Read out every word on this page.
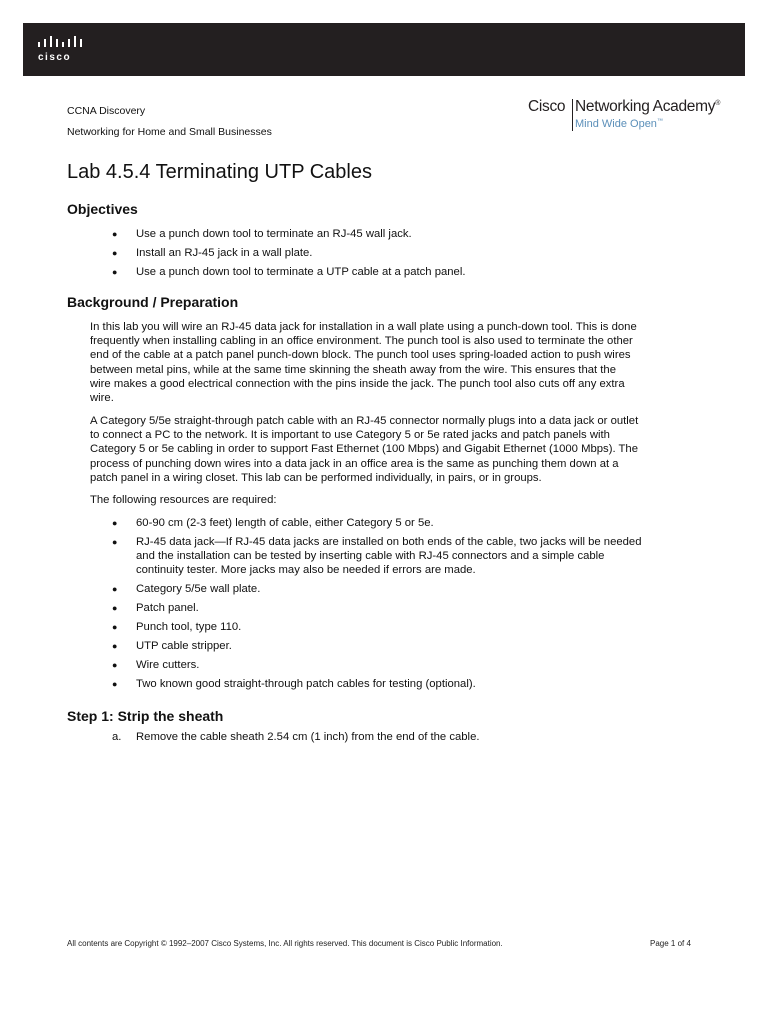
cisco
CCNA Discovery
Networking for Home and Small Businesses
Cisco Networking Academy®
Mind Wide Open™
Lab 4.5.4 Terminating UTP Cables
Objectives
● Use a punch down tool to terminate an RJ-45 wall jack.
● Install an RJ-45 jack in a wall plate.
● Use a punch down tool to terminate a UTP cable at a patch panel.
Background / Preparation

In this lab you will wire an RJ-45 data jack for installation in a wall plate using a punch-down tool. This is done
frequently when installing cabling in an office environment. The punch tool is also used to terminate the other
end of the cable at a patch panel punch-down block. The punch tool uses spring-loaded action to push wires
between metal pins, while at the same time skinning the sheath away from the wire. This ensures that the
wire makes a good electrical connection with the pins inside the jack. The punch tool also cuts off any extra
wire.

A Category 5/5e straight-through patch cable with an RJ-45 connector normally plugs into a data jack or outlet
to connect a PC to the network. It is important to use Category 5 or 5e rated jacks and patch panels with
Category 5 or 5e cabling in order to support Fast Ethernet (100 Mbps) and Gigabit Ethernet (1000 Mbps). The
process of punching down wires into a data jack in an office area is the same as punching them down at a
patch panel in a wiring closet. This lab can be performed individually, in pairs, or in groups.

The following resources are required:

● 60-90 cm (2-3 feet) length of cable, either Category 5 or 5e.
● RJ-45 data jack—If RJ-45 data jacks are installed on both ends of the cable, two jacks will be needed
and the installation can be tested by inserting cable with RJ-45 connectors and a simple cable
continuity tester. More jacks may also be needed if errors are made.
● Category 5/5e wall plate.
● Patch panel.
● Punch tool, type 110.
● UTP cable stripper.
● Wire cutters.
● Two known good straight-through patch cables for testing (optional).
Step 1: Strip the sheath
a. Remove the cable sheath 2.54 cm (1 inch) from the end of the cable.
All contents are Copyright © 1992–2007 Cisco Systems, Inc. All rights reserved. This document is Cisco Public Information.	Page 1 of 4
